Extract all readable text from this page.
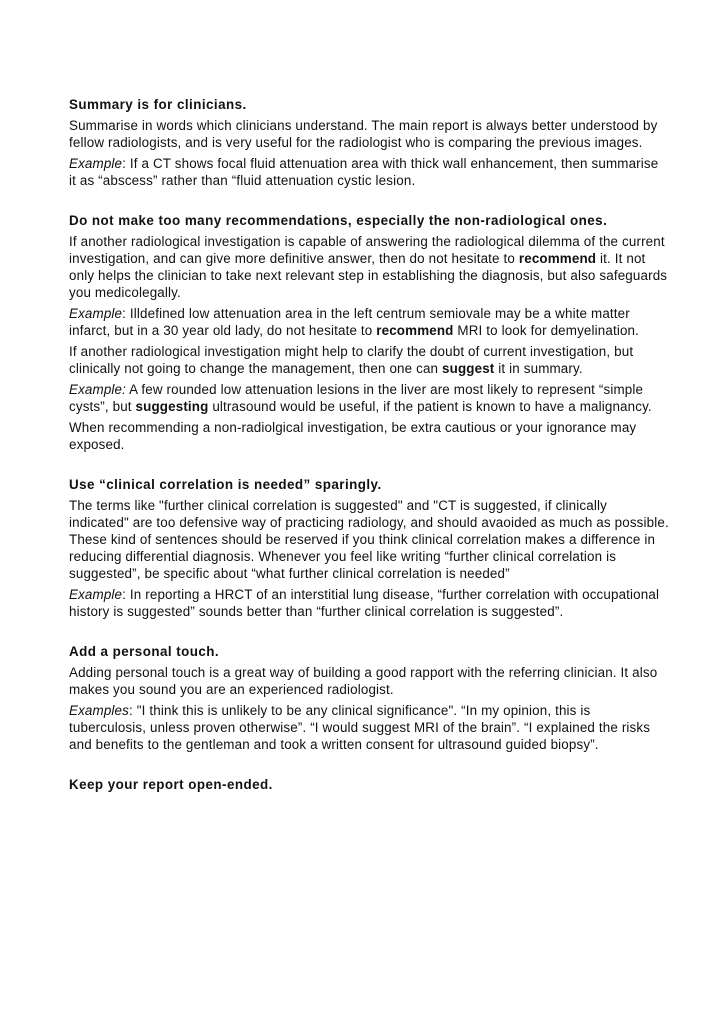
Summary is for clinicians.
Summarise in words which clinicians understand. The main report is always better understood by fellow radiologists, and is very useful for the radiologist who is comparing the previous images.
Example: If a CT shows focal fluid attenuation area with thick wall enhancement, then summarise it as “abscess” rather than “fluid attenuation cystic lesion.
Do not make too many recommendations, especially the non-radiological ones.
If another radiological investigation is capable of answering the radiological dilemma of the current investigation, and can give more definitive answer, then do not hesitate to recommend it. It not only helps the clinician to take next relevant step in establishing the diagnosis, but also safeguards you medicolegally.
Example: Illdefined low attenuation area in the left centrum semiovale may be a white matter infarct, but in a 30 year old lady, do not hesitate to recommend MRI to look for demyelination.
If another radiological investigation might help to clarify the doubt of current investigation, but clinically not going to change the management, then one can suggest it in summary.
Example: A few rounded low attenuation lesions in the liver are most likely to represent “simple cysts”, but suggesting ultrasound would be useful, if the patient is known to have a malignancy.
When recommending a non-radiolgical investigation, be extra cautious or your ignorance may exposed.
Use “clinical correlation is needed” sparingly.
The terms like "further clinical correlation is suggested" and "CT is suggested, if clinically indicated" are too defensive way of practicing radiology, and should avaoided as much as possible. These kind of sentences should be reserved if you think clinical correlation makes a difference in reducing differential diagnosis. Whenever you feel like writing “further clinical correlation is suggested”, be specific about “what further clinical correlation is needed”
Example: In reporting a HRCT of an interstitial lung disease, “further correlation with occupational history is suggested” sounds better than “further clinical correlation is suggested”.
Add a personal touch.
Adding personal touch is a great way of building a good rapport with the referring clinician. It also makes you sound you are an experienced radiologist.
Examples: "I think this is unlikely to be any clinical significance". “In my opinion, this is tuberculosis, unless proven otherwise”. “I would suggest MRI of the brain”. “I explained the risks and benefits to the gentleman and took a written consent for ultrasound guided biopsy”.
Keep your report open-ended.
